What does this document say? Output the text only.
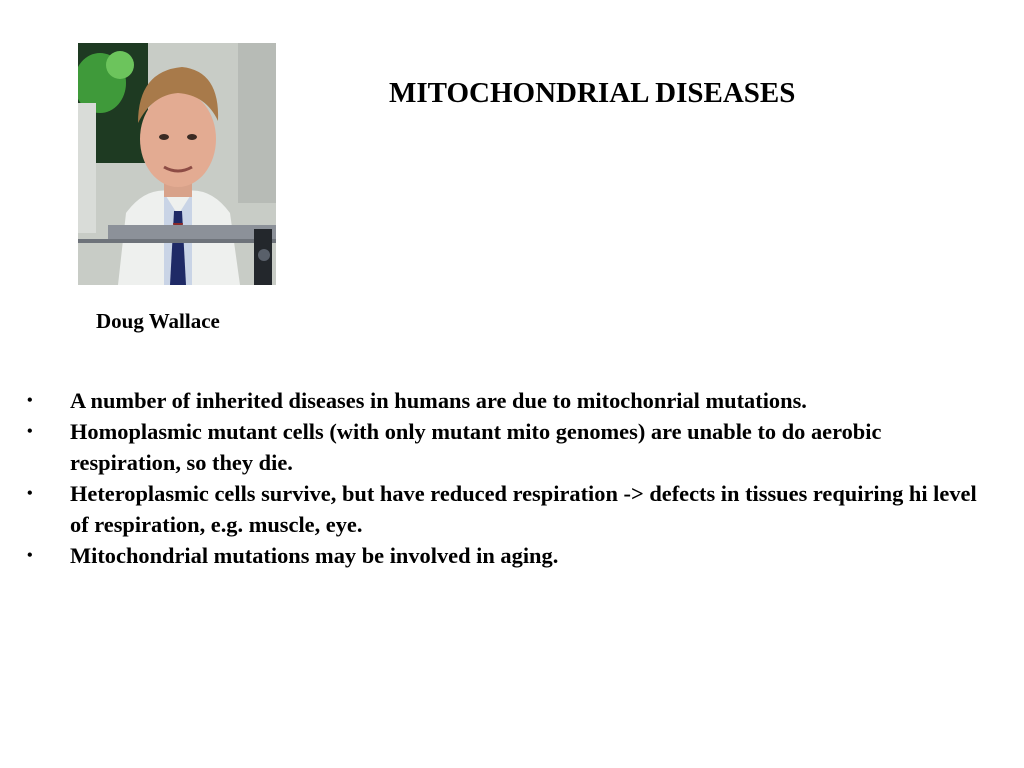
Doug Wallace
MITOCHONDRIAL DISEASES
• A number of inherited diseases in humans are due to mitochonrial mutations.
• Homoplasmic mutant cells (with only mutant mito genomes) are unable to do aerobic respiration, so they die.
• Heteroplasmic cells survive, but have reduced respiration -> defects in tissues requiring hi level of respiration, e.g. muscle, eye.
• Mitochondrial mutations may be involved in aging.
